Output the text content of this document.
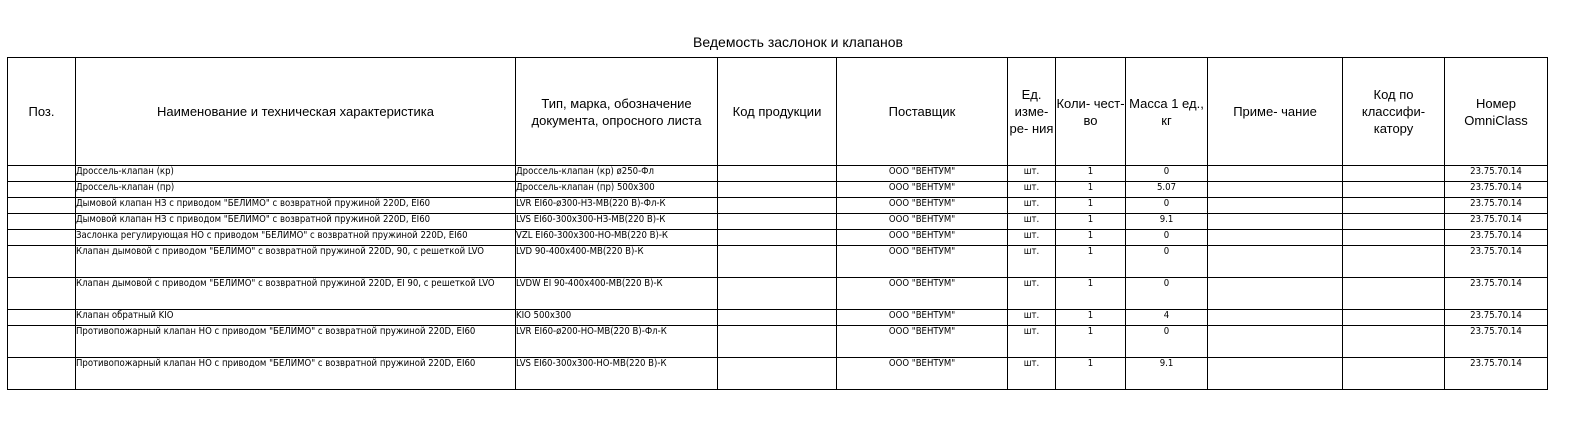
Ведемость заслонок и клапанов
Поз.	Наименование и техническая характеристика	Тип, марка, обозначение документа, опросного листа	Код продукции	Поставщик	Ед. изме- ре- ния	Коли- чест- во	Масса 1 ед., кг	Приме- чание	Код по классифи- катору	Номер OmniClass
	Дроссель-клапан (кр)	Дроссель-клапан (кр) ø250-Фл		ООО "ВЕНТУМ"	шт.	1	0			23.75.70.14
	Дроссель-клапан (пр)	Дроссель-клапан (пр) 500x300		ООО "ВЕНТУМ"	шт.	1	5.07			23.75.70.14
	Дымовой клапан НЗ с приводом "БЕЛИМО" с возвратной пружиной 220D, EI60	LVR EI60-ø300-НЗ-МВ(220 В)-Фл-К		ООО "ВЕНТУМ"	шт.	1	0			23.75.70.14
	Дымовой клапан НЗ с приводом "БЕЛИМО" с возвратной пружиной 220D, EI60	LVS EI60-300x300-НЗ-МВ(220 В)-К		ООО "ВЕНТУМ"	шт.	1	9.1			23.75.70.14
	Заслонка регулирующая НО с приводом "БЕЛИМО" с возвратной пружиной 220D, EI60	VZL EI60-300x300-НО-МВ(220 В)-К		ООО "ВЕНТУМ"	шт.	1	0			23.75.70.14
	Клапан дымовой с приводом "БЕЛИМО" с возвратной пружиной 220D, 90, с решеткой LVO	LVD 90-400x400-МВ(220 В)-К		ООО "ВЕНТУМ"	шт.	1	0			23.75.70.14
	Клапан дымовой с приводом "БЕЛИМО" с возвратной пружиной 220D, EI 90, с решеткой LVO	LVDW EI 90-400x400-МВ(220 В)-К		ООО "ВЕНТУМ"	шт.	1	0			23.75.70.14
	Клапан обратный KIO	KIO 500x300		ООО "ВЕНТУМ"	шт.	1	4			23.75.70.14
	Противопожарный клапан НО с приводом "БЕЛИМО" с возвратной пружиной 220D, EI60	LVR EI60-ø200-НО-МВ(220 В)-Фл-К		ООО "ВЕНТУМ"	шт.	1	0			23.75.70.14
	Противопожарный клапан НО с приводом "БЕЛИМО" с возвратной пружиной 220D, EI60	LVS EI60-300x300-НО-МВ(220 В)-К		ООО "ВЕНТУМ"	шт.	1	9.1			23.75.70.14
